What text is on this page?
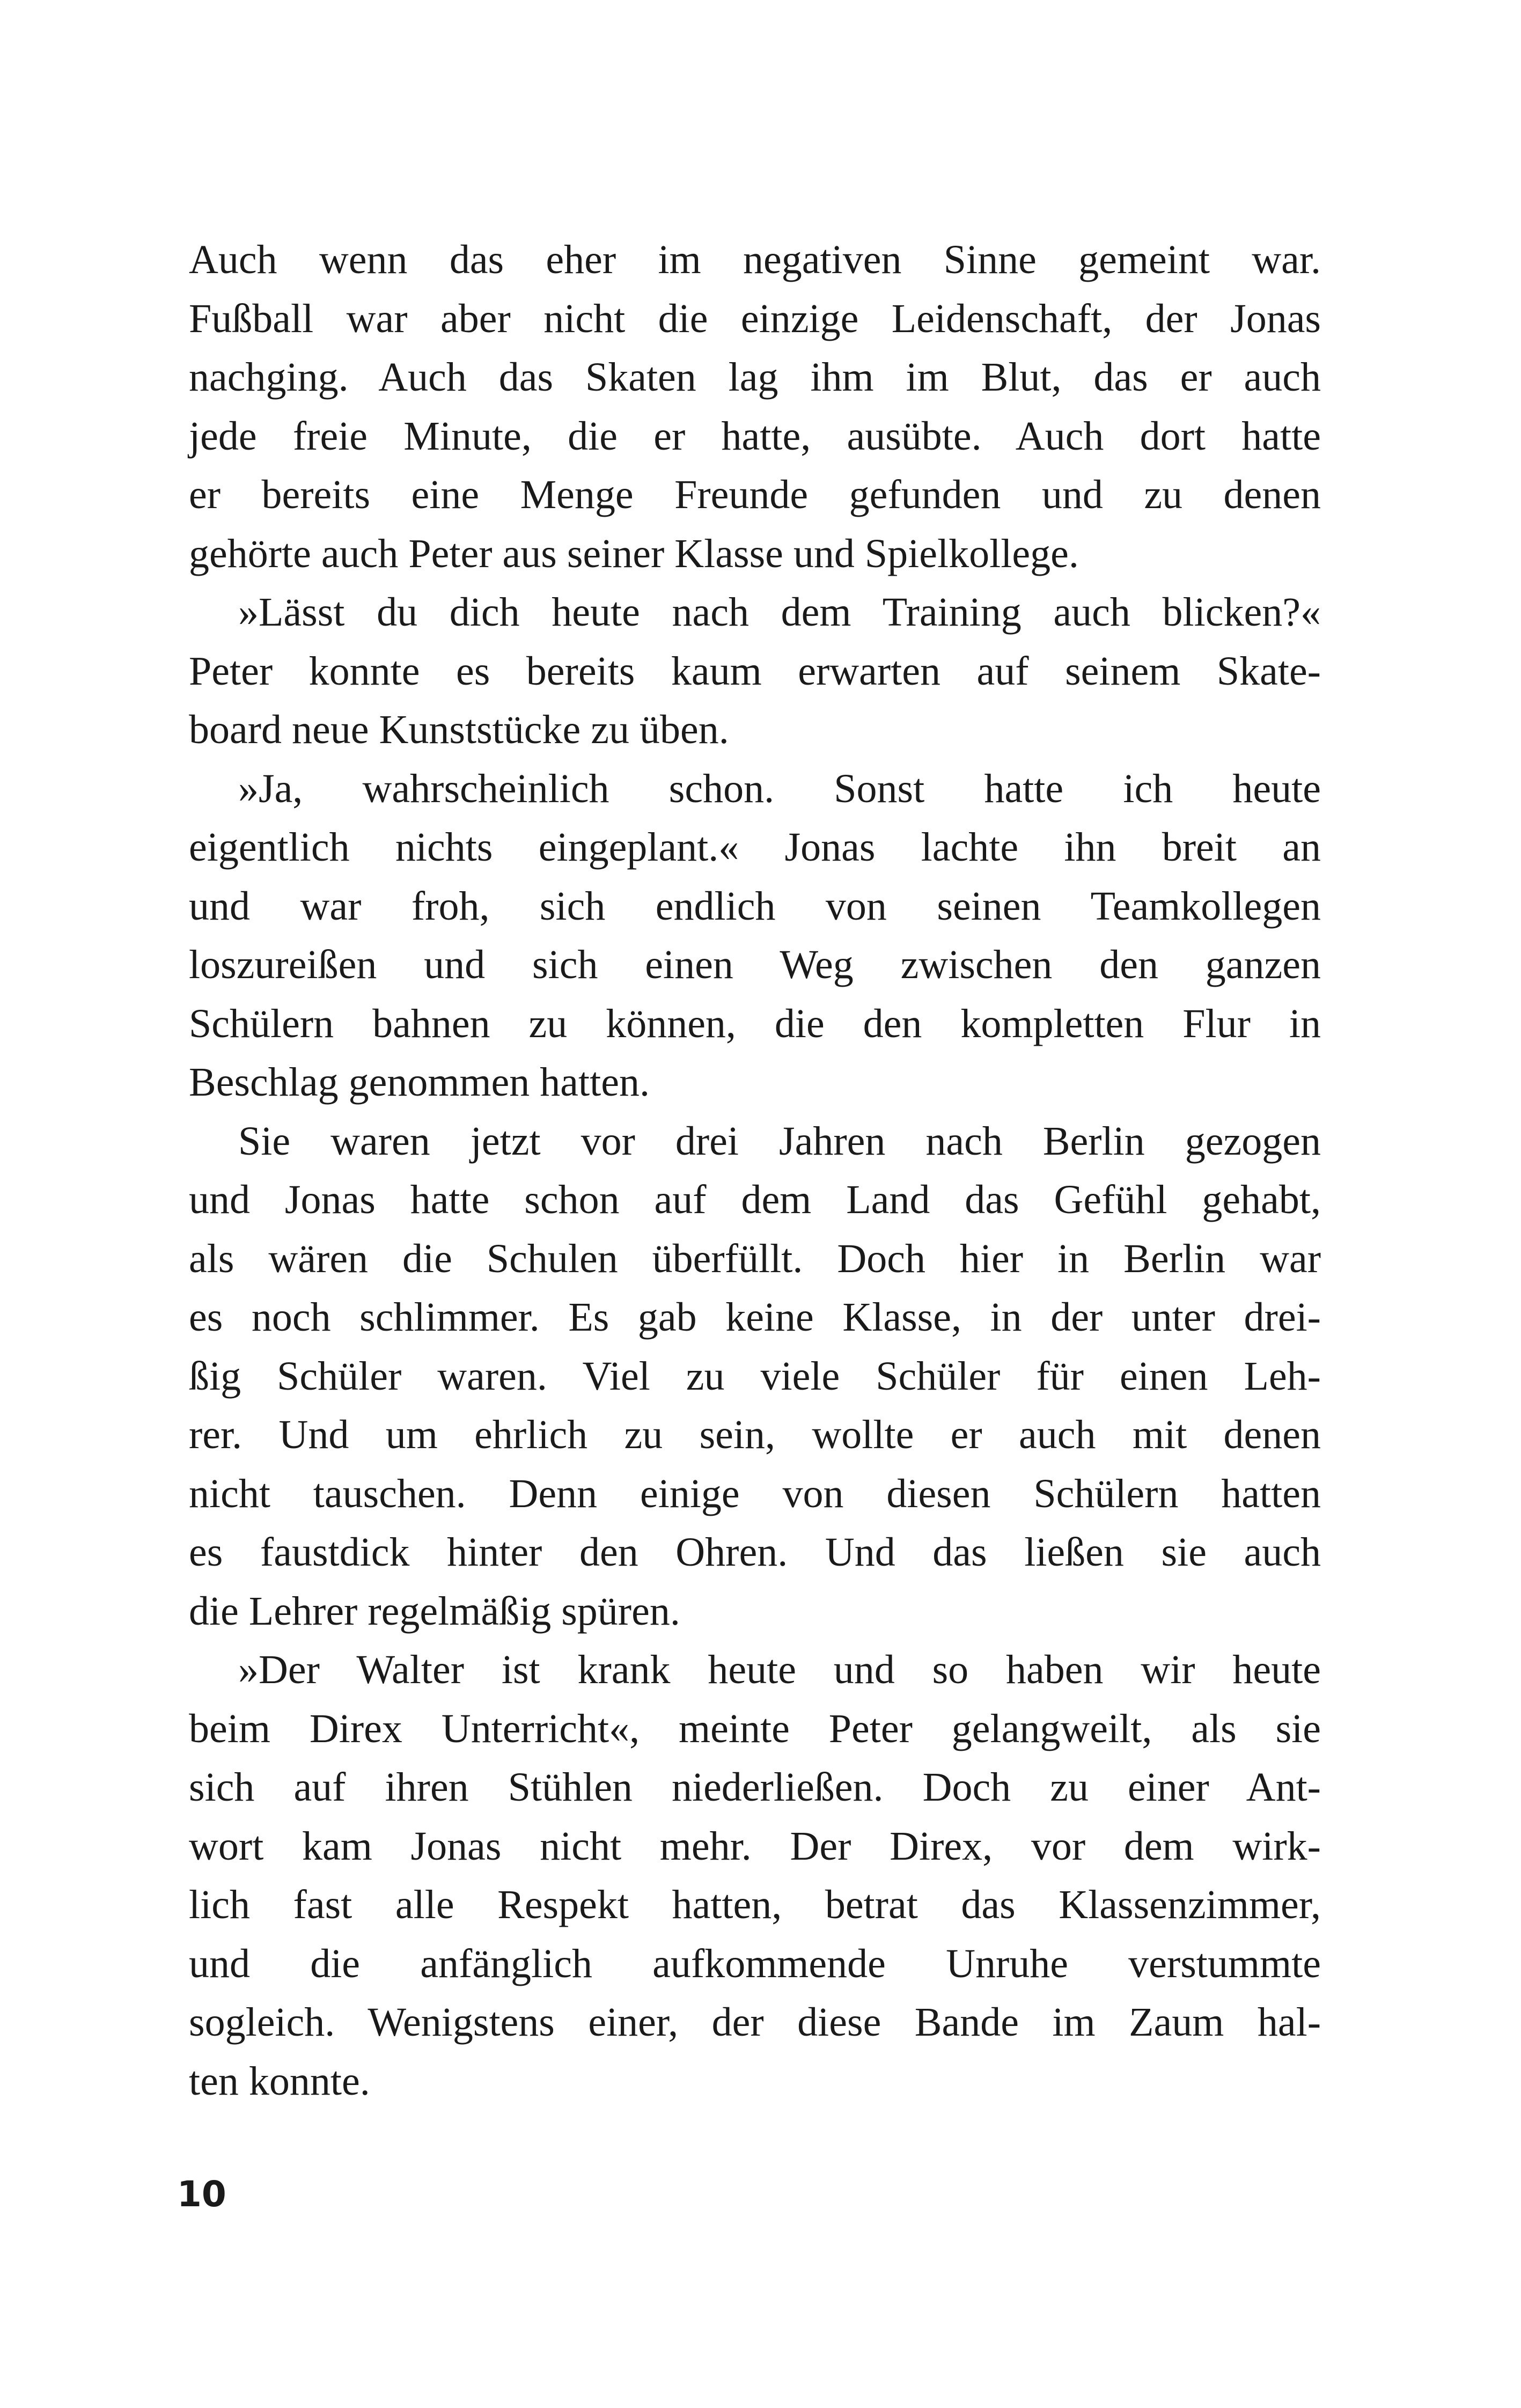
Auch wenn das eher im negativen Sinne gemeint war.
Fußball war aber nicht die einzige Leidenschaft, der Jonas
nachging. Auch das Skaten lag ihm im Blut, das er auch
jede freie Minute, die er hatte, ausübte. Auch dort hatte
er bereits eine Menge Freunde gefunden und zu denen
gehörte auch Peter aus seiner Klasse und Spielkollege.
»Lässt du dich heute nach dem Training auch blicken?«
Peter konnte es bereits kaum erwarten auf seinem Skate-
board neue Kunststücke zu üben.
»Ja, wahrscheinlich schon. Sonst hatte ich heute
eigentlich nichts eingeplant.« Jonas lachte ihn breit an
und war froh, sich endlich von seinen Teamkollegen
loszureißen und sich einen Weg zwischen den ganzen
Schülern bahnen zu können, die den kompletten Flur in
Beschlag genommen hatten.
Sie waren jetzt vor drei Jahren nach Berlin gezogen
und Jonas hatte schon auf dem Land das Gefühl gehabt,
als wären die Schulen überfüllt. Doch hier in Berlin war
es noch schlimmer. Es gab keine Klasse, in der unter drei-
ßig Schüler waren. Viel zu viele Schüler für einen Leh-
rer. Und um ehrlich zu sein, wollte er auch mit denen
nicht tauschen. Denn einige von diesen Schülern hatten
es faustdick hinter den Ohren. Und das ließen sie auch
die Lehrer regelmäßig spüren.
»Der Walter ist krank heute und so haben wir heute
beim Direx Unterricht«, meinte Peter gelangweilt, als sie
sich auf ihren Stühlen niederließen. Doch zu einer Ant-
wort kam Jonas nicht mehr. Der Direx, vor dem wirk-
lich fast alle Respekt hatten, betrat das Klassenzimmer,
und die anfänglich aufkommende Unruhe verstummte
sogleich. Wenigstens einer, der diese Bande im Zaum hal-
ten konnte.
10
